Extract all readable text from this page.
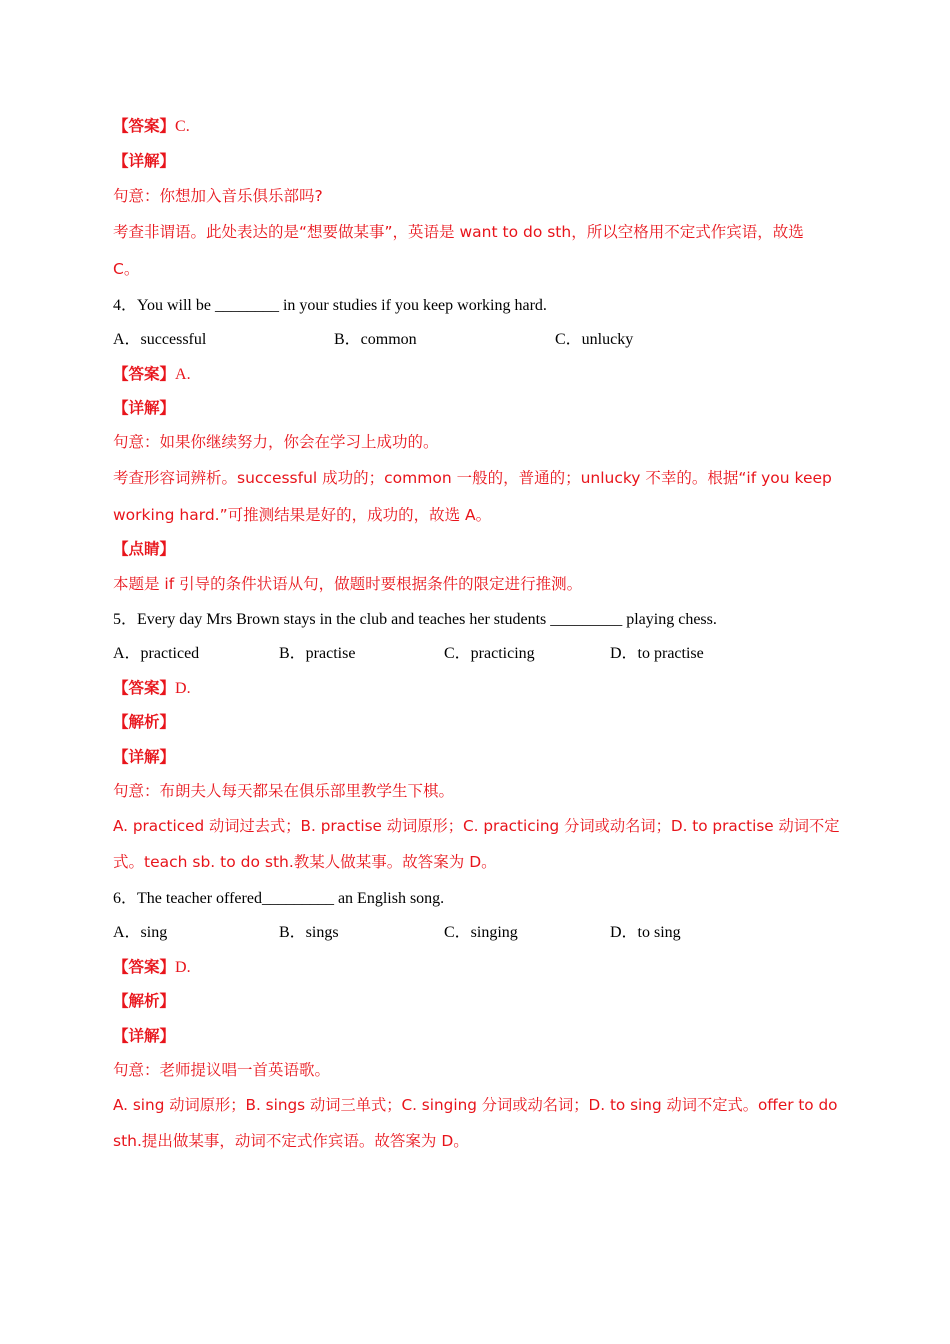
【答案】C.
【详解】
句意：你想加入音乐俱乐部吗?
考查非谓语。此处表达的是“想要做某事”，英语是 want to do sth，所以空格用不定式作宾语，故选
C。
4．You will be ________ in your studies if you keep working hard.
A．successful	B．common	C．unlucky
【答案】A.
【详解】
句意：如果你继续努力，你会在学习上成功的。
考查形容词辨析。successful 成功的；common 一般的，普通的；unlucky 不幸的。根据“if you keep
working hard.”可推测结果是好的，成功的，故选 A。
【点睛】
本题是 if 引导的条件状语从句，做题时要根据条件的限定进行推测。
5．Every day Mrs Brown stays in the club and teaches her students _________ playing chess.
A．practiced	B．practise	C．practicing	D．to practise
【答案】D.
【解析】
【详解】
句意：布朗夫人每天都呆在俱乐部里教学生下棋。
A. practiced 动词过去式；B. practise 动词原形；C. practicing 分词或动名词；D. to practise 动词不定
式。teach sb. to do sth.教某人做某事。故答案为 D。
6．The teacher offered_________ an English song.
A．sing	B．sings	C．singing	D．to sing
【答案】D.
【解析】
【详解】
句意：老师提议唱一首英语歌。
A. sing 动词原形；B. sings 动词三单式；C. singing 分词或动名词；D. to sing 动词不定式。offer to do
sth.提出做某事，动词不定式作宾语。故答案为 D。
